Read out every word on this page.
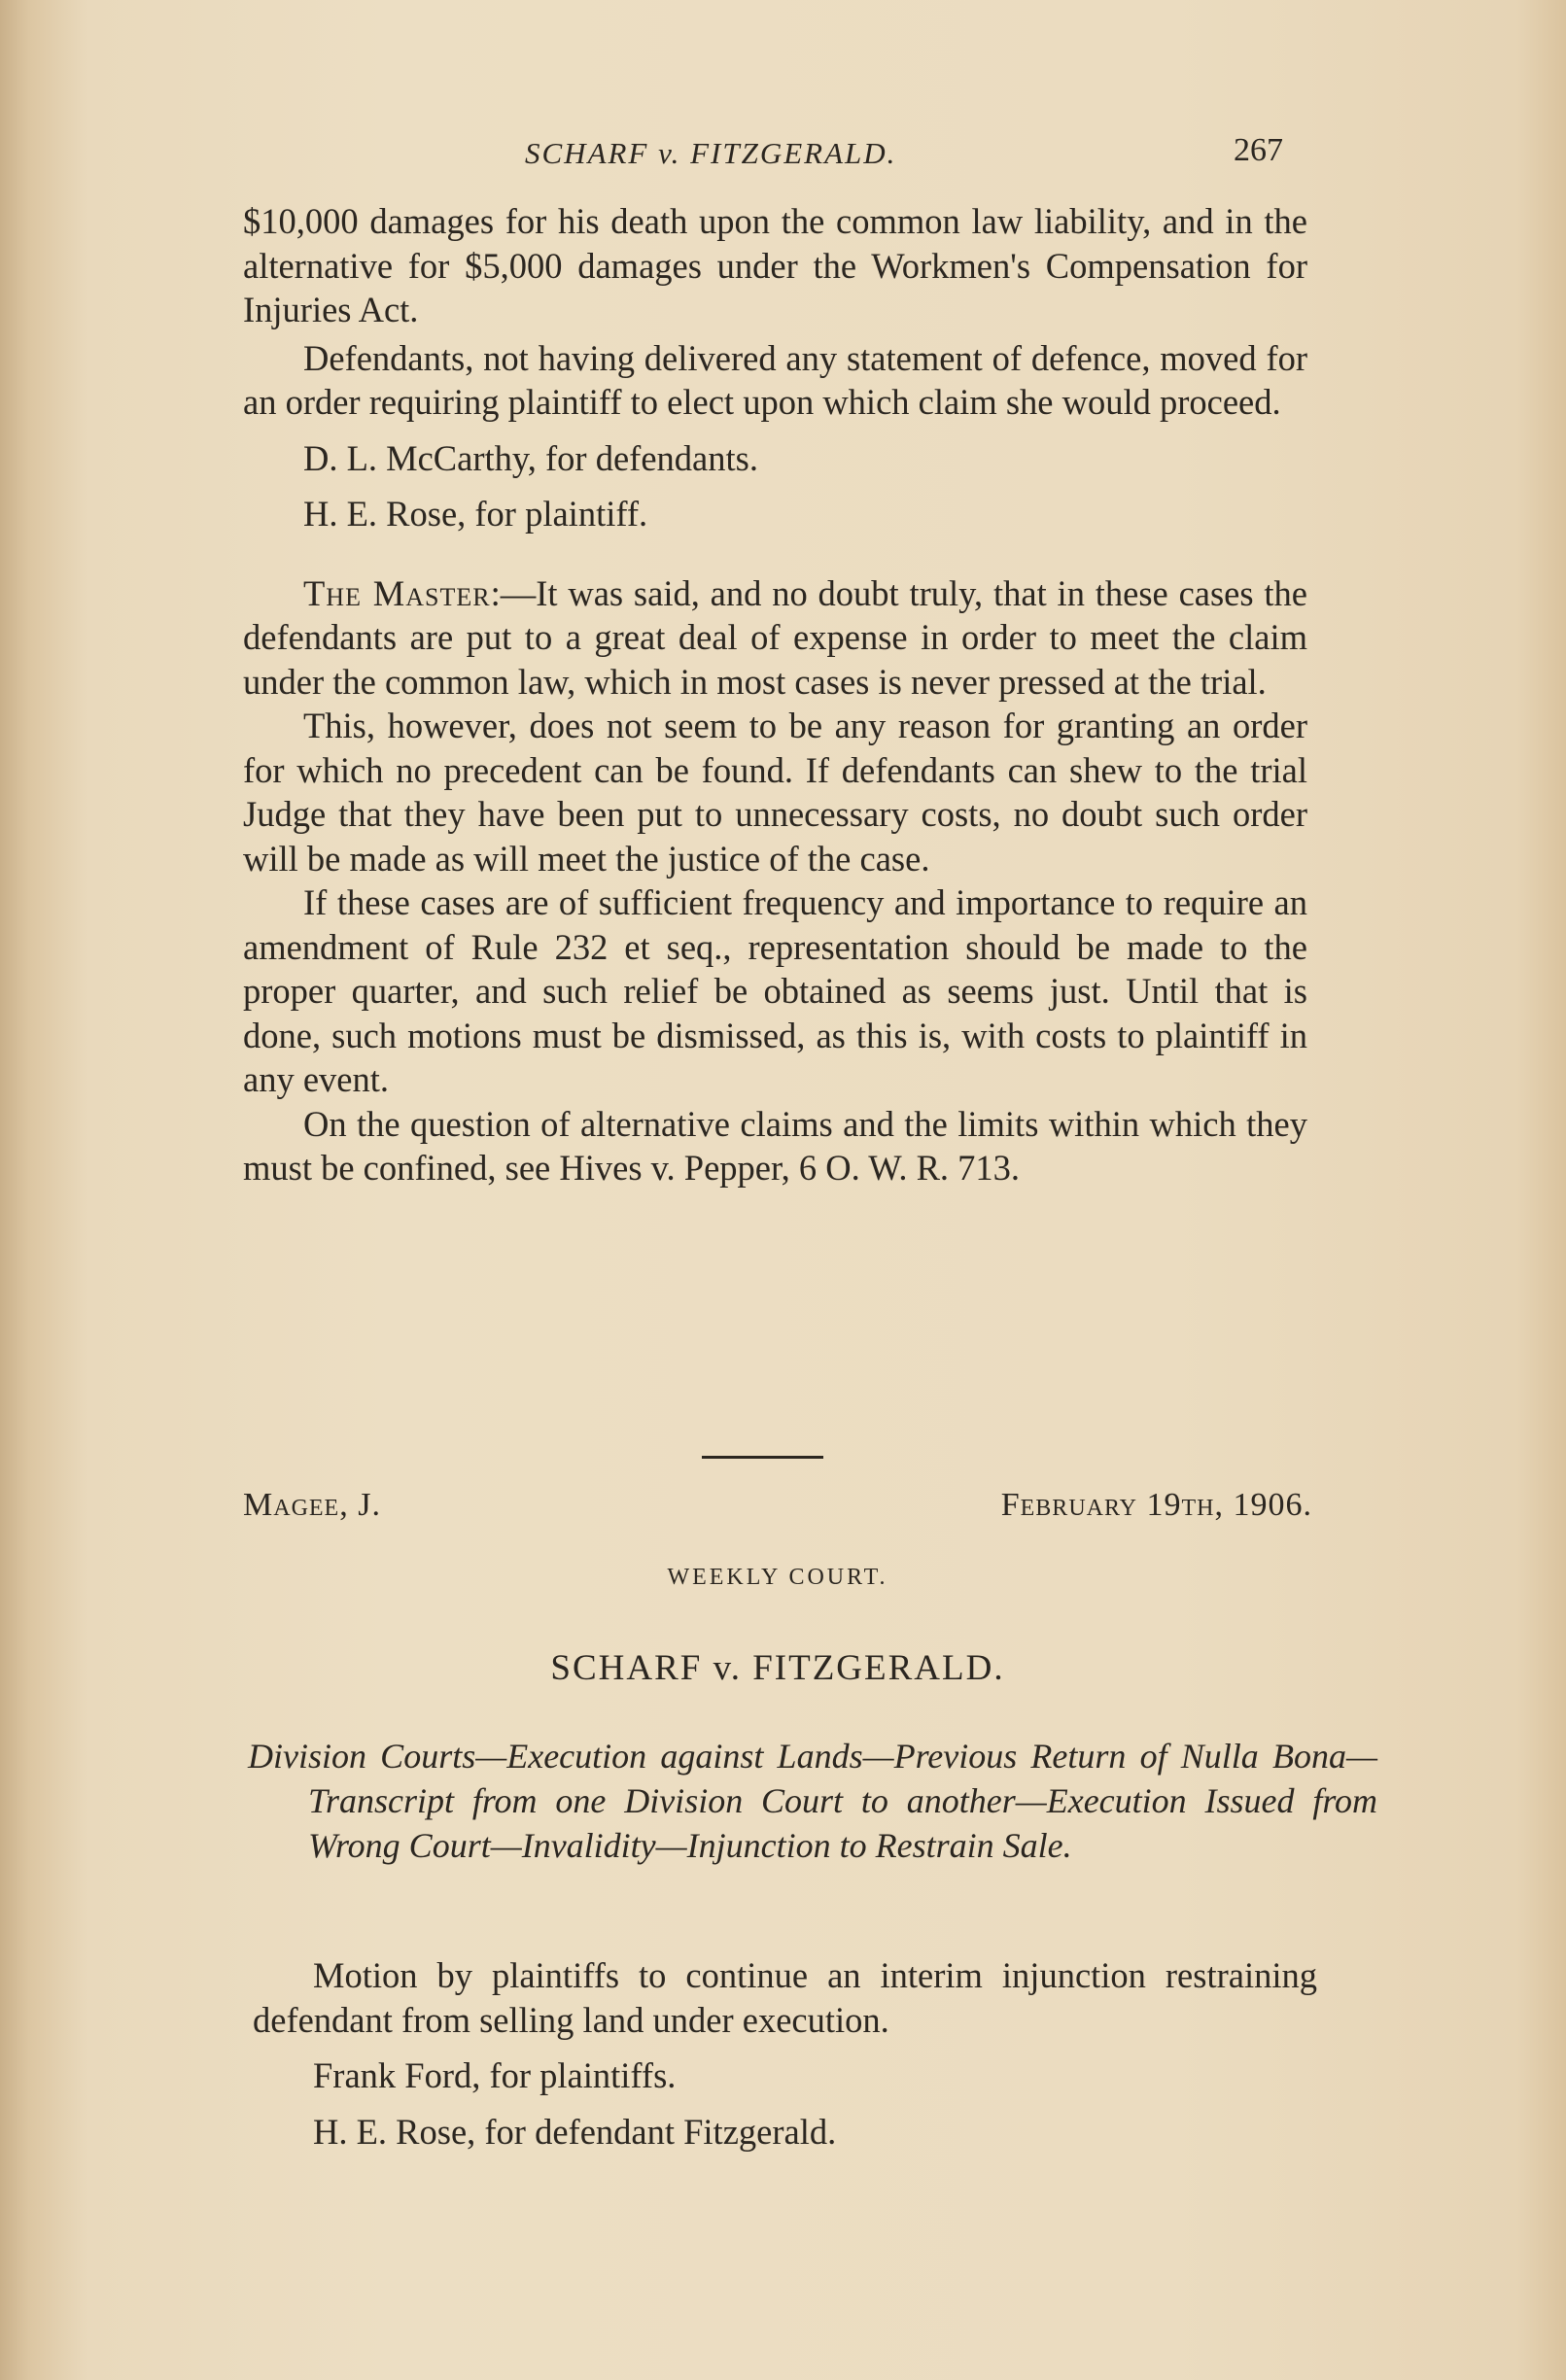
SCHARF v. FITZGERALD.	267

$10,000 damages for his death upon the common law liability, and in the alternative for $5,000 damages under the Workmen's Compensation for Injuries Act.

Defendants, not having delivered any statement of defence, moved for an order requiring plaintiff to elect upon which claim she would proceed.

D. L. McCarthy, for defendants.

H. E. Rose, for plaintiff.

The Master:—It was said, and no doubt truly, that in these cases the defendants are put to a great deal of expense in order to meet the claim under the common law, which in most cases is never pressed at the trial.

This, however, does not seem to be any reason for granting an order for which no precedent can be found. If defendants can shew to the trial Judge that they have been put to unnecessary costs, no doubt such order will be made as will meet the justice of the case.

If these cases are of sufficient frequency and importance to require an amendment of Rule 232 et seq., representation should be made to the proper quarter, and such relief be obtained as seems just. Until that is done, such motions must be dismissed, as this is, with costs to plaintiff in any event.

On the question of alternative claims and the limits within which they must be confined, see Hives v. Pepper, 6 O. W. R. 713.

Magee, J.	February 19th, 1906.
WEEKLY COURT.
SCHARF v. FITZGERALD.
Division Courts—Execution against Lands—Previous Return of Nulla Bona—Transcript from one Division Court to another—Execution Issued from Wrong Court—Invalidity—Injunction to Restrain Sale.

Motion by plaintiffs to continue an interim injunction restraining defendant from selling land under execution.

Frank Ford, for plaintiffs.

H. E. Rose, for defendant Fitzgerald.
